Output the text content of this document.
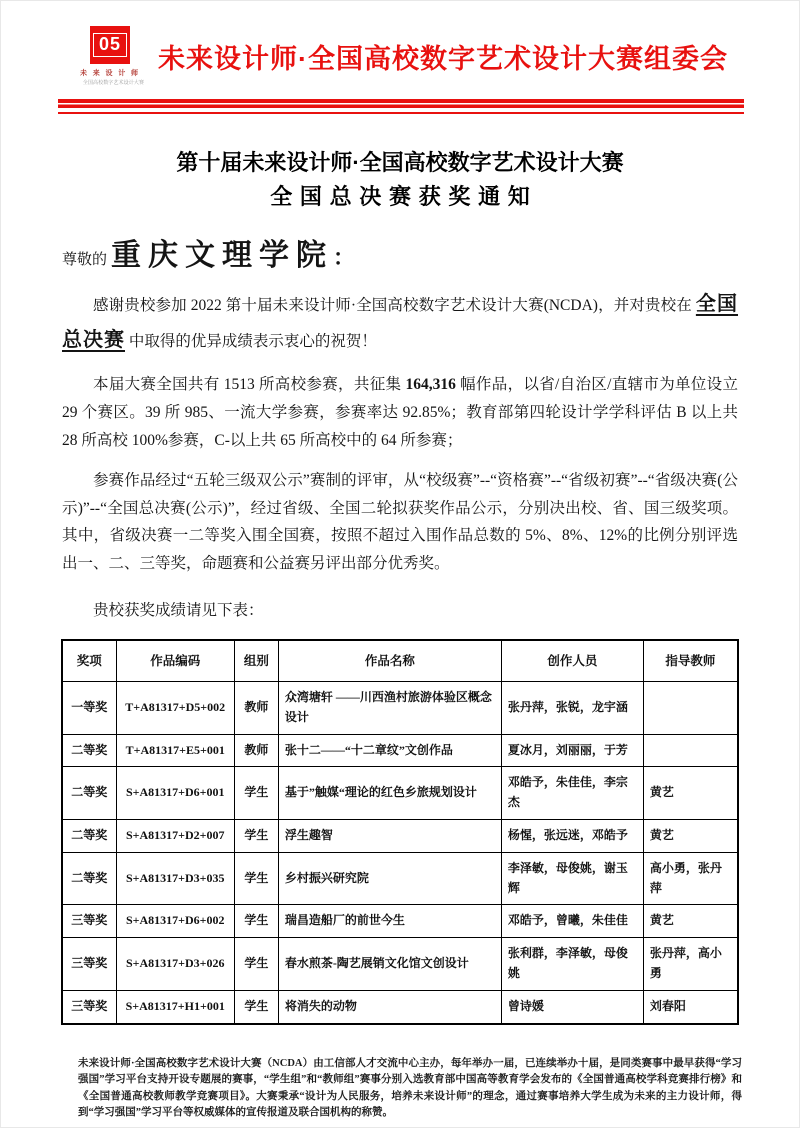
05
未 来 设 计 师
全国高校数字艺术设计大赛
未来设计师·全国高校数字艺术设计大赛组委会
第十届未来设计师·全国高校数字艺术设计大赛
全国总决赛获奖通知
尊敬的 重庆文理学院 ：

感谢贵校参加 2022 第十届未来设计师·全国高校数字艺术设计大赛(NCDA)，并对贵校在 全国总决赛 中取得的优异成绩表示衷心的祝贺！

本届大赛全国共有 1513 所高校参赛，共征集 164,316 幅作品，以省/自治区/直辖市为单位设立 29 个赛区。39 所 985、一流大学参赛，参赛率达 92.85%；教育部第四轮设计学学科评估 B 以上共 28 所高校 100%参赛，C-以上共 65 所高校中的 64 所参赛；

参赛作品经过“五轮三级双公示”赛制的评审，从“校级赛”--“资格赛”--“省级初赛”--“省级决赛(公示)”--“全国总决赛(公示)”，经过省级、全国二轮拟获奖作品公示，分别决出校、省、国三级奖项。其中，省级决赛一二等奖入围全国赛，按照不超过入围作品总数的 5%、8%、12%的比例分别评选出一、二、三等奖，命题赛和公益赛另评出部分优秀奖。

贵校获奖成绩请见下表：

奖项	作品编码	组别	作品名称	创作人员	指导教师
一等奖	T+A81317+D5+002	教师	众湾塘轩 ——川西渔村旅游体验区概念设计	张丹萍，张锐，龙宇涵	
二等奖	T+A81317+E5+001	教师	张十二——“十二章纹”文创作品	夏冰月，刘丽丽，于芳	
二等奖	S+A81317+D6+001	学生	基于”触媒“理论的红色乡旅规划设计	邓皓予，朱佳佳，李宗杰	黄艺
二等奖	S+A81317+D2+007	学生	浮生趣智	杨惺，张远迷，邓皓予	黄艺
二等奖	S+A81317+D3+035	学生	乡村振兴研究院	李泽敏，母俊姚，谢玉辉	高小勇，张丹萍
三等奖	S+A81317+D6+002	学生	瑞昌造船厂的前世今生	邓皓予，曾曦，朱佳佳	黄艺
三等奖	S+A81317+D3+026	学生	春水煎茶-陶艺展销文化馆文创设计	张利群，李泽敏，母俊姚	张丹萍，高小勇
三等奖	S+A81317+H1+001	学生	将消失的动物	曾诗媛	刘春阳
未来设计师·全国高校数字艺术设计大赛（NCDA）由工信部人才交流中心主办，每年举办一届，已连续举办十届，是同类赛事中最早获得“学习强国”学习平台支持开设专题展的赛事，“学生组”和“教师组”赛事分别入选教育部中国高等教育学会发布的《全国普通高校学科竞赛排行榜》和《全国普通高校教师教学竞赛项目》。大赛秉承“设计为人民服务，培养未来设计师”的理念，通过赛事培养大学生成为未来的主力设计师，得到“学习强国”学习平台等权威媒体的宣传报道及联合国机构的称赞。
